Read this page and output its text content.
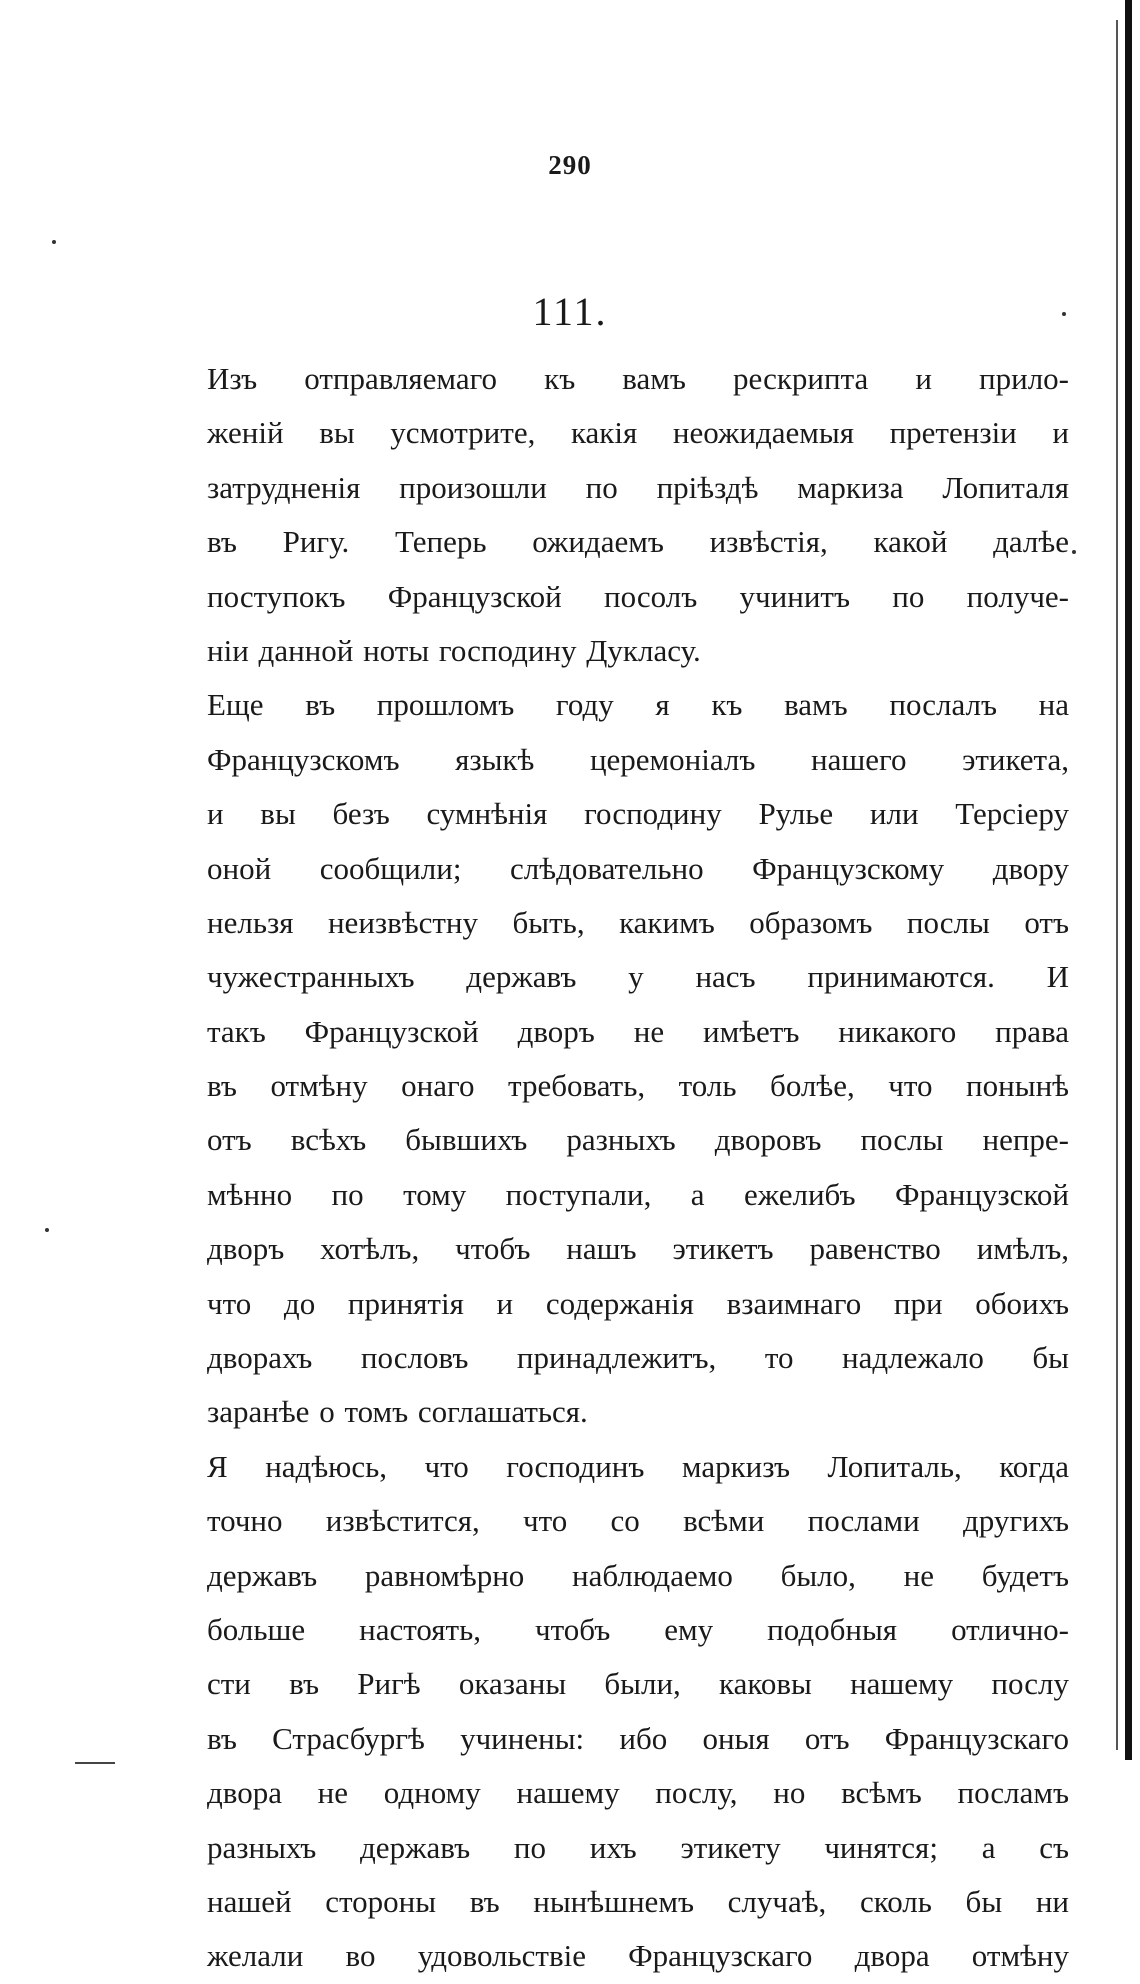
290
111.
Изъ отправляемаго къ вамъ рескрипта и прило-
женій вы усмотрите, какія неожидаемыя претензіи и
затрудненія произошли по пріѣздѣ маркиза Лопиталя
въ Ригу. Теперь ожидаемъ извѣстія, какой далѣе
поступокъ Французской посолъ учинитъ по получе-
ніи данной ноты господину Дукласу.
Еще въ прошломъ году я къ вамъ послалъ на
Французскомъ языкѣ церемоніалъ нашего этикета,
и вы безъ сумнѣнія господину Рулье или Терсіеру
оной сообщили; слѣдовательно Французскому двору
нельзя неизвѣстну быть, какимъ образомъ послы отъ
чужестранныхъ державъ у насъ принимаются. И
такъ Французской дворъ не имѣетъ никакого права
въ отмѣну онаго требовать, толь болѣе, что понынѣ
отъ всѣхъ бывшихъ разныхъ дворовъ послы непре-
мѣнно по тому поступали, а ежелибъ Французской
дворъ хотѣлъ, чтобъ нашъ этикетъ равенство имѣлъ,
что до принятія и содержанія взаимнаго при обоихъ
дворахъ пословъ принадлежитъ, то надлежало бы
заранѣе о томъ соглашаться.
Я надѣюсь, что господинъ маркизъ Лопиталь, когда
точно извѣстится, что со всѣми послами другихъ
державъ равномѣрно наблюдаемо было, не будетъ
больше настоять, чтобъ ему подобныя отлично-
сти въ Ригѣ оказаны были, каковы нашему послу
въ Страсбургѣ учинены: ибо оныя отъ Французскаго
двора не одному нашему послу, но всѣмъ посламъ
разныхъ державъ по ихъ этикету чинятся; а съ
нашей стороны въ нынѣшнемъ случаѣ, сколь бы ни
желали во удовольствіе Французскаго двора отмѣну
